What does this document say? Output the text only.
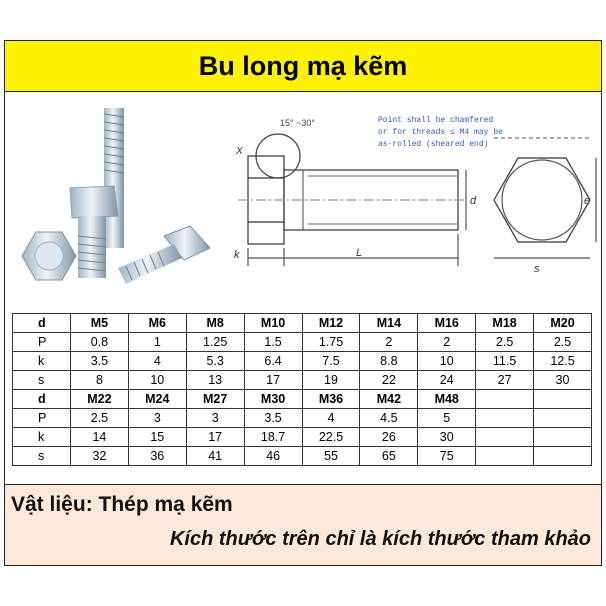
Bu long mạ kẽm
15° ~30°
X
Point shall be chamfered
or for threads ≤ M4 may be
as-rolled (sheared end)
d	e
k	L
s
d	M5	M6	M8	M10	M12	M14	M16	M18	M20
P	0.8	1	1.25	1.5	1.75	2	2	2.5	2.5
k	3.5	4	5.3	6.4	7.5	8.8	10	11.5	12.5
s	8	10	13	17	19	22	24	27	30
d	M22	M24	M27	M30	M36	M42	M48		
P	2.5	3	3	3.5	4	4.5	5		
k	14	15	17	18.7	22.5	26	30		
s	32	36	41	46	55	65	75		
Vật liệu: Thép mạ kẽm
Kích thước trên chỉ là kích thước tham khảo
